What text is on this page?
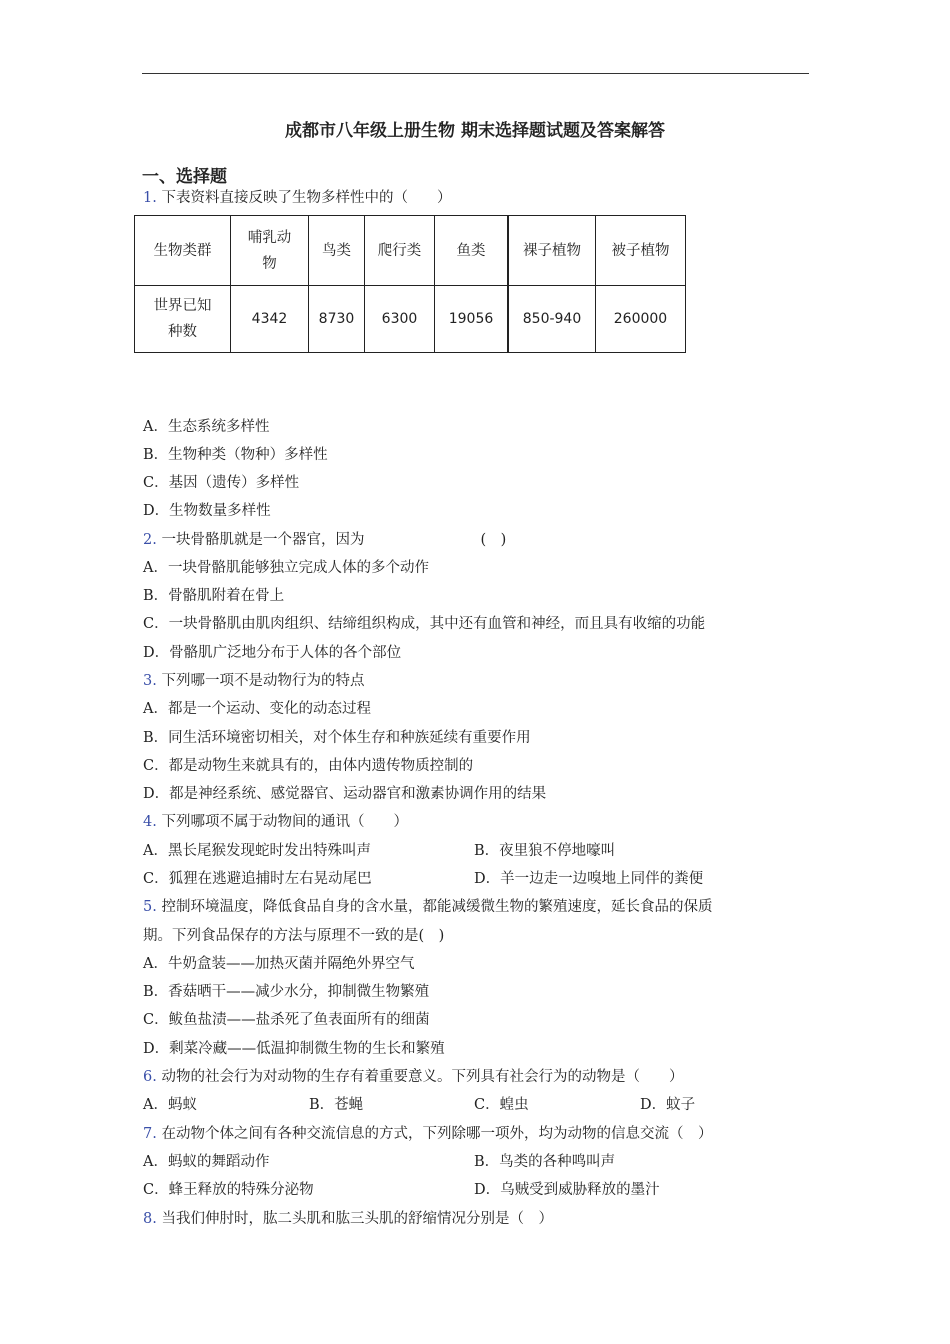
成都市八年级上册生物 期末选择题试题及答案解答
一、选择题
1. 下表资料直接反映了生物多样性中的（　　）
生物类群	哺乳动物	鸟类	爬行类	鱼类	裸子植物	被子植物
世界已知种数	4342	8730	6300	19056	850-940	260000
A．生态系统多样性
B．生物种类（物种）多样性
C．基因（遗传）多样性
D．生物数量多样性
2. 一块骨骼肌就是一个器官，因为　　　　　　　　(　)
A．一块骨骼肌能够独立完成人体的多个动作
B．骨骼肌附着在骨上
C．一块骨骼肌由肌肉组织、结缔组织构成，其中还有血管和神经，而且具有收缩的功能
D．骨骼肌广泛地分布于人体的各个部位
3. 下列哪一项不是动物行为的特点
A．都是一个运动、变化的动态过程
B．同生活环境密切相关，对个体生存和种族延续有重要作用
C．都是动物生来就具有的，由体内遗传物质控制的
D．都是神经系统、感觉器官、运动器官和激素协调作用的结果
4. 下列哪项不属于动物间的通讯（　　）
A．黑长尾猴发现蛇时发出特殊叫声	B．夜里狼不停地嚎叫
C．狐狸在逃避追捕时左右晃动尾巴	D．羊一边走一边嗅地上同伴的粪便
5. 控制环境温度，降低食品自身的含水量，都能减缓微生物的繁殖速度，延长食品的保质
期。下列食品保存的方法与原理不一致的是(　)
A．牛奶盒装——加热灭菌并隔绝外界空气
B．香菇晒干——减少水分，抑制微生物繁殖
C．鲅鱼盐渍——盐杀死了鱼表面所有的细菌
D．剩菜冷藏——低温抑制微生物的生长和繁殖
6. 动物的社会行为对动物的生存有着重要意义。下列具有社会行为的动物是（　　）
A．蚂蚁	B．苍蝇	C．蝗虫	D．蚊子
7. 在动物个体之间有各种交流信息的方式，下列除哪一项外，均为动物的信息交流（　）
A．蚂蚁的舞蹈动作	B．鸟类的各种鸣叫声
C．蜂王释放的特殊分泌物	D．乌贼受到威胁释放的墨汁
8. 当我们伸肘时，肱二头肌和肱三头肌的舒缩情况分别是（　）
